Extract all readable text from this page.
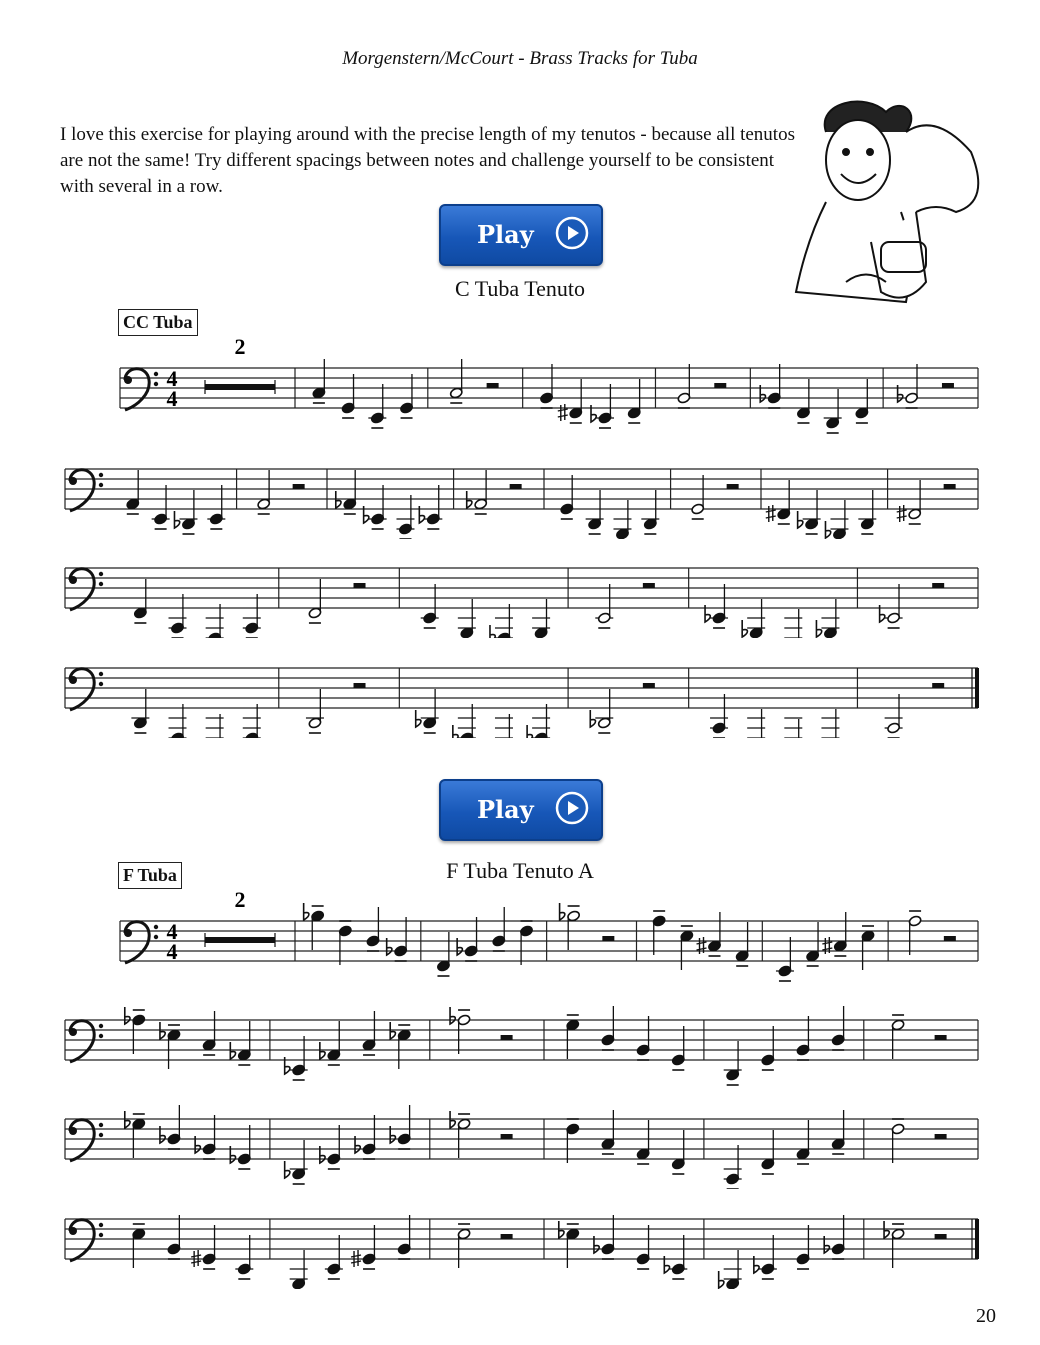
Morgenstern/McCourt - Brass Tracks for Tuba
I love this exercise for playing around with the precise length of my tenutos - because all tenutos are not the same! Try different spacings between notes and challenge yourself to be consistent with several in a row.
Play
C Tuba Tenuto
CC Tuba
Play
F Tuba Tenuto A
F Tuba
4
4
2
4
4
2
20
